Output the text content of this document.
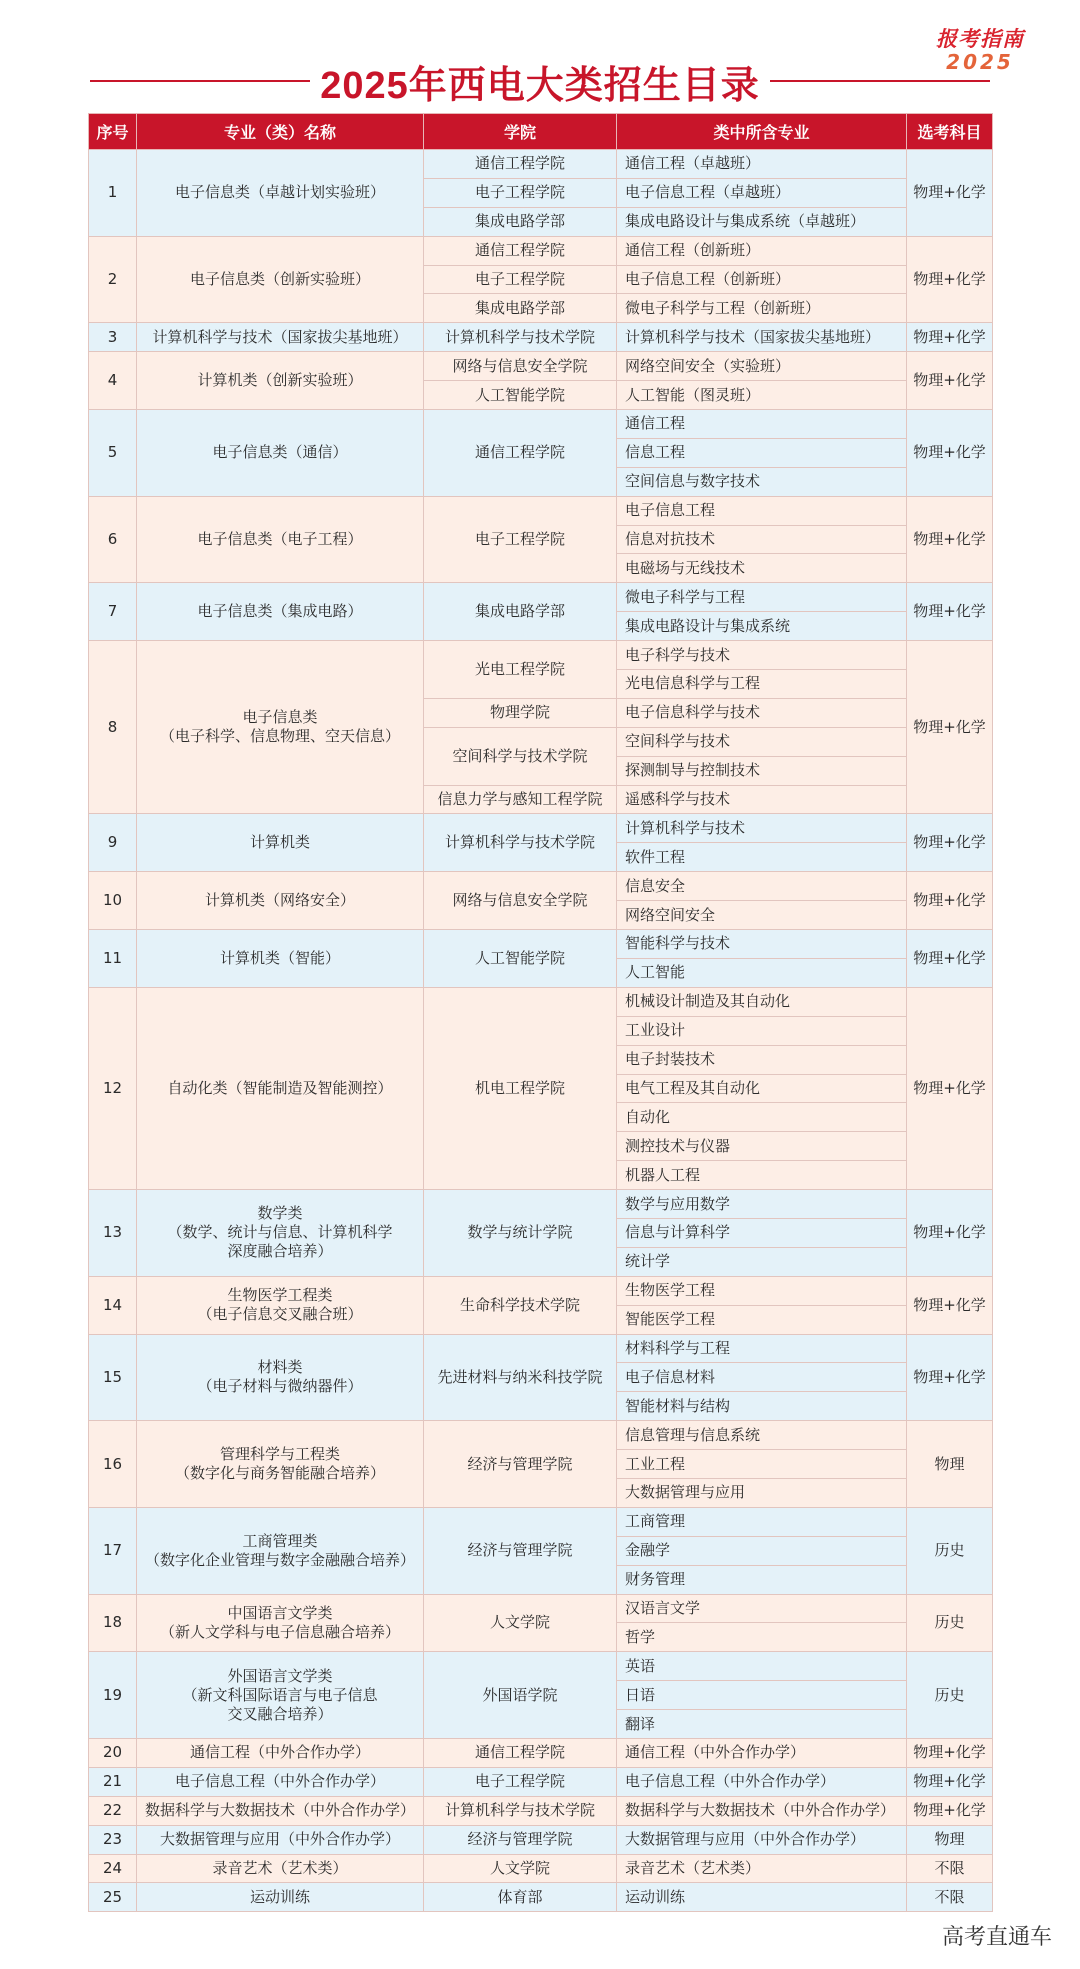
报考指南
2025
2025年西电大类招生目录
序号	专业（类）名称	学院	类中所含专业	选考科目
1	电子信息类（卓越计划实验班）	通信工程学院	通信工程（卓越班）	物理+化学
		电子工程学院	电子信息工程（卓越班）	
		集成电路学部	集成电路设计与集成系统（卓越班）	
2	电子信息类（创新实验班）	通信工程学院	通信工程（创新班）	物理+化学
		电子工程学院	电子信息工程（创新班）	
		集成电路学部	微电子科学与工程（创新班）	
3	计算机科学与技术（国家拔尖基地班）	计算机科学与技术学院	计算机科学与技术（国家拔尖基地班）	物理+化学
4	计算机类（创新实验班）	网络与信息安全学院	网络空间安全（实验班）	物理+化学
		人工智能学院	人工智能（图灵班）	
5	电子信息类（通信）	通信工程学院	通信工程	物理+化学
			信息工程	
			空间信息与数字技术	
6	电子信息类（电子工程）	电子工程学院	电子信息工程	物理+化学
			信息对抗技术	
			电磁场与无线技术	
7	电子信息类（集成电路）	集成电路学部	微电子科学与工程	物理+化学
			集成电路设计与集成系统	
8	电子信息类
（电子科学、信息物理、空天信息）	光电工程学院	电子科学与技术	物理+化学
			光电信息科学与工程	
		物理学院	电子信息科学与技术	
		空间科学与技术学院	空间科学与技术	
			探测制导与控制技术	
		信息力学与感知工程学院	遥感科学与技术	
9	计算机类	计算机科学与技术学院	计算机科学与技术	物理+化学
			软件工程	
10	计算机类（网络安全）	网络与信息安全学院	信息安全	物理+化学
			网络空间安全	
11	计算机类（智能）	人工智能学院	智能科学与技术	物理+化学
			人工智能	
12	自动化类（智能制造及智能测控）	机电工程学院	机械设计制造及其自动化	物理+化学
			工业设计	
			电子封装技术	
			电气工程及其自动化	
			自动化	
			测控技术与仪器	
			机器人工程	
13	数学类
（数学、统计与信息、计算机科学
深度融合培养）	数学与统计学院	数学与应用数学	物理+化学
			信息与计算科学	
			统计学	
14	生物医学工程类
（电子信息交叉融合班）	生命科学技术学院	生物医学工程	物理+化学
			智能医学工程	
15	材料类
（电子材料与微纳器件）	先进材料与纳米科技学院	材料科学与工程	物理+化学
			电子信息材料	
			智能材料与结构	
16	管理科学与工程类
（数字化与商务智能融合培养）	经济与管理学院	信息管理与信息系统	物理
			工业工程	
			大数据管理与应用	
17	工商管理类
（数字化企业管理与数字金融融合培养）	经济与管理学院	工商管理	历史
			金融学	
			财务管理	
18	中国语言文学类
（新人文学科与电子信息融合培养）	人文学院	汉语言文学	历史
			哲学	
19	外国语言文学类
（新文科国际语言与电子信息
交叉融合培养）	外国语学院	英语	历史
			日语	
			翻译	
20	通信工程（中外合作办学）	通信工程学院	通信工程（中外合作办学）	物理+化学
21	电子信息工程（中外合作办学）	电子工程学院	电子信息工程（中外合作办学）	物理+化学
22	数据科学与大数据技术（中外合作办学）	计算机科学与技术学院	数据科学与大数据技术（中外合作办学）	物理+化学
23	大数据管理与应用（中外合作办学）	经济与管理学院	大数据管理与应用（中外合作办学）	物理
24	录音艺术（艺术类）	人文学院	录音艺术（艺术类）	不限
25	运动训练	体育部	运动训练	不限
高考直通车
